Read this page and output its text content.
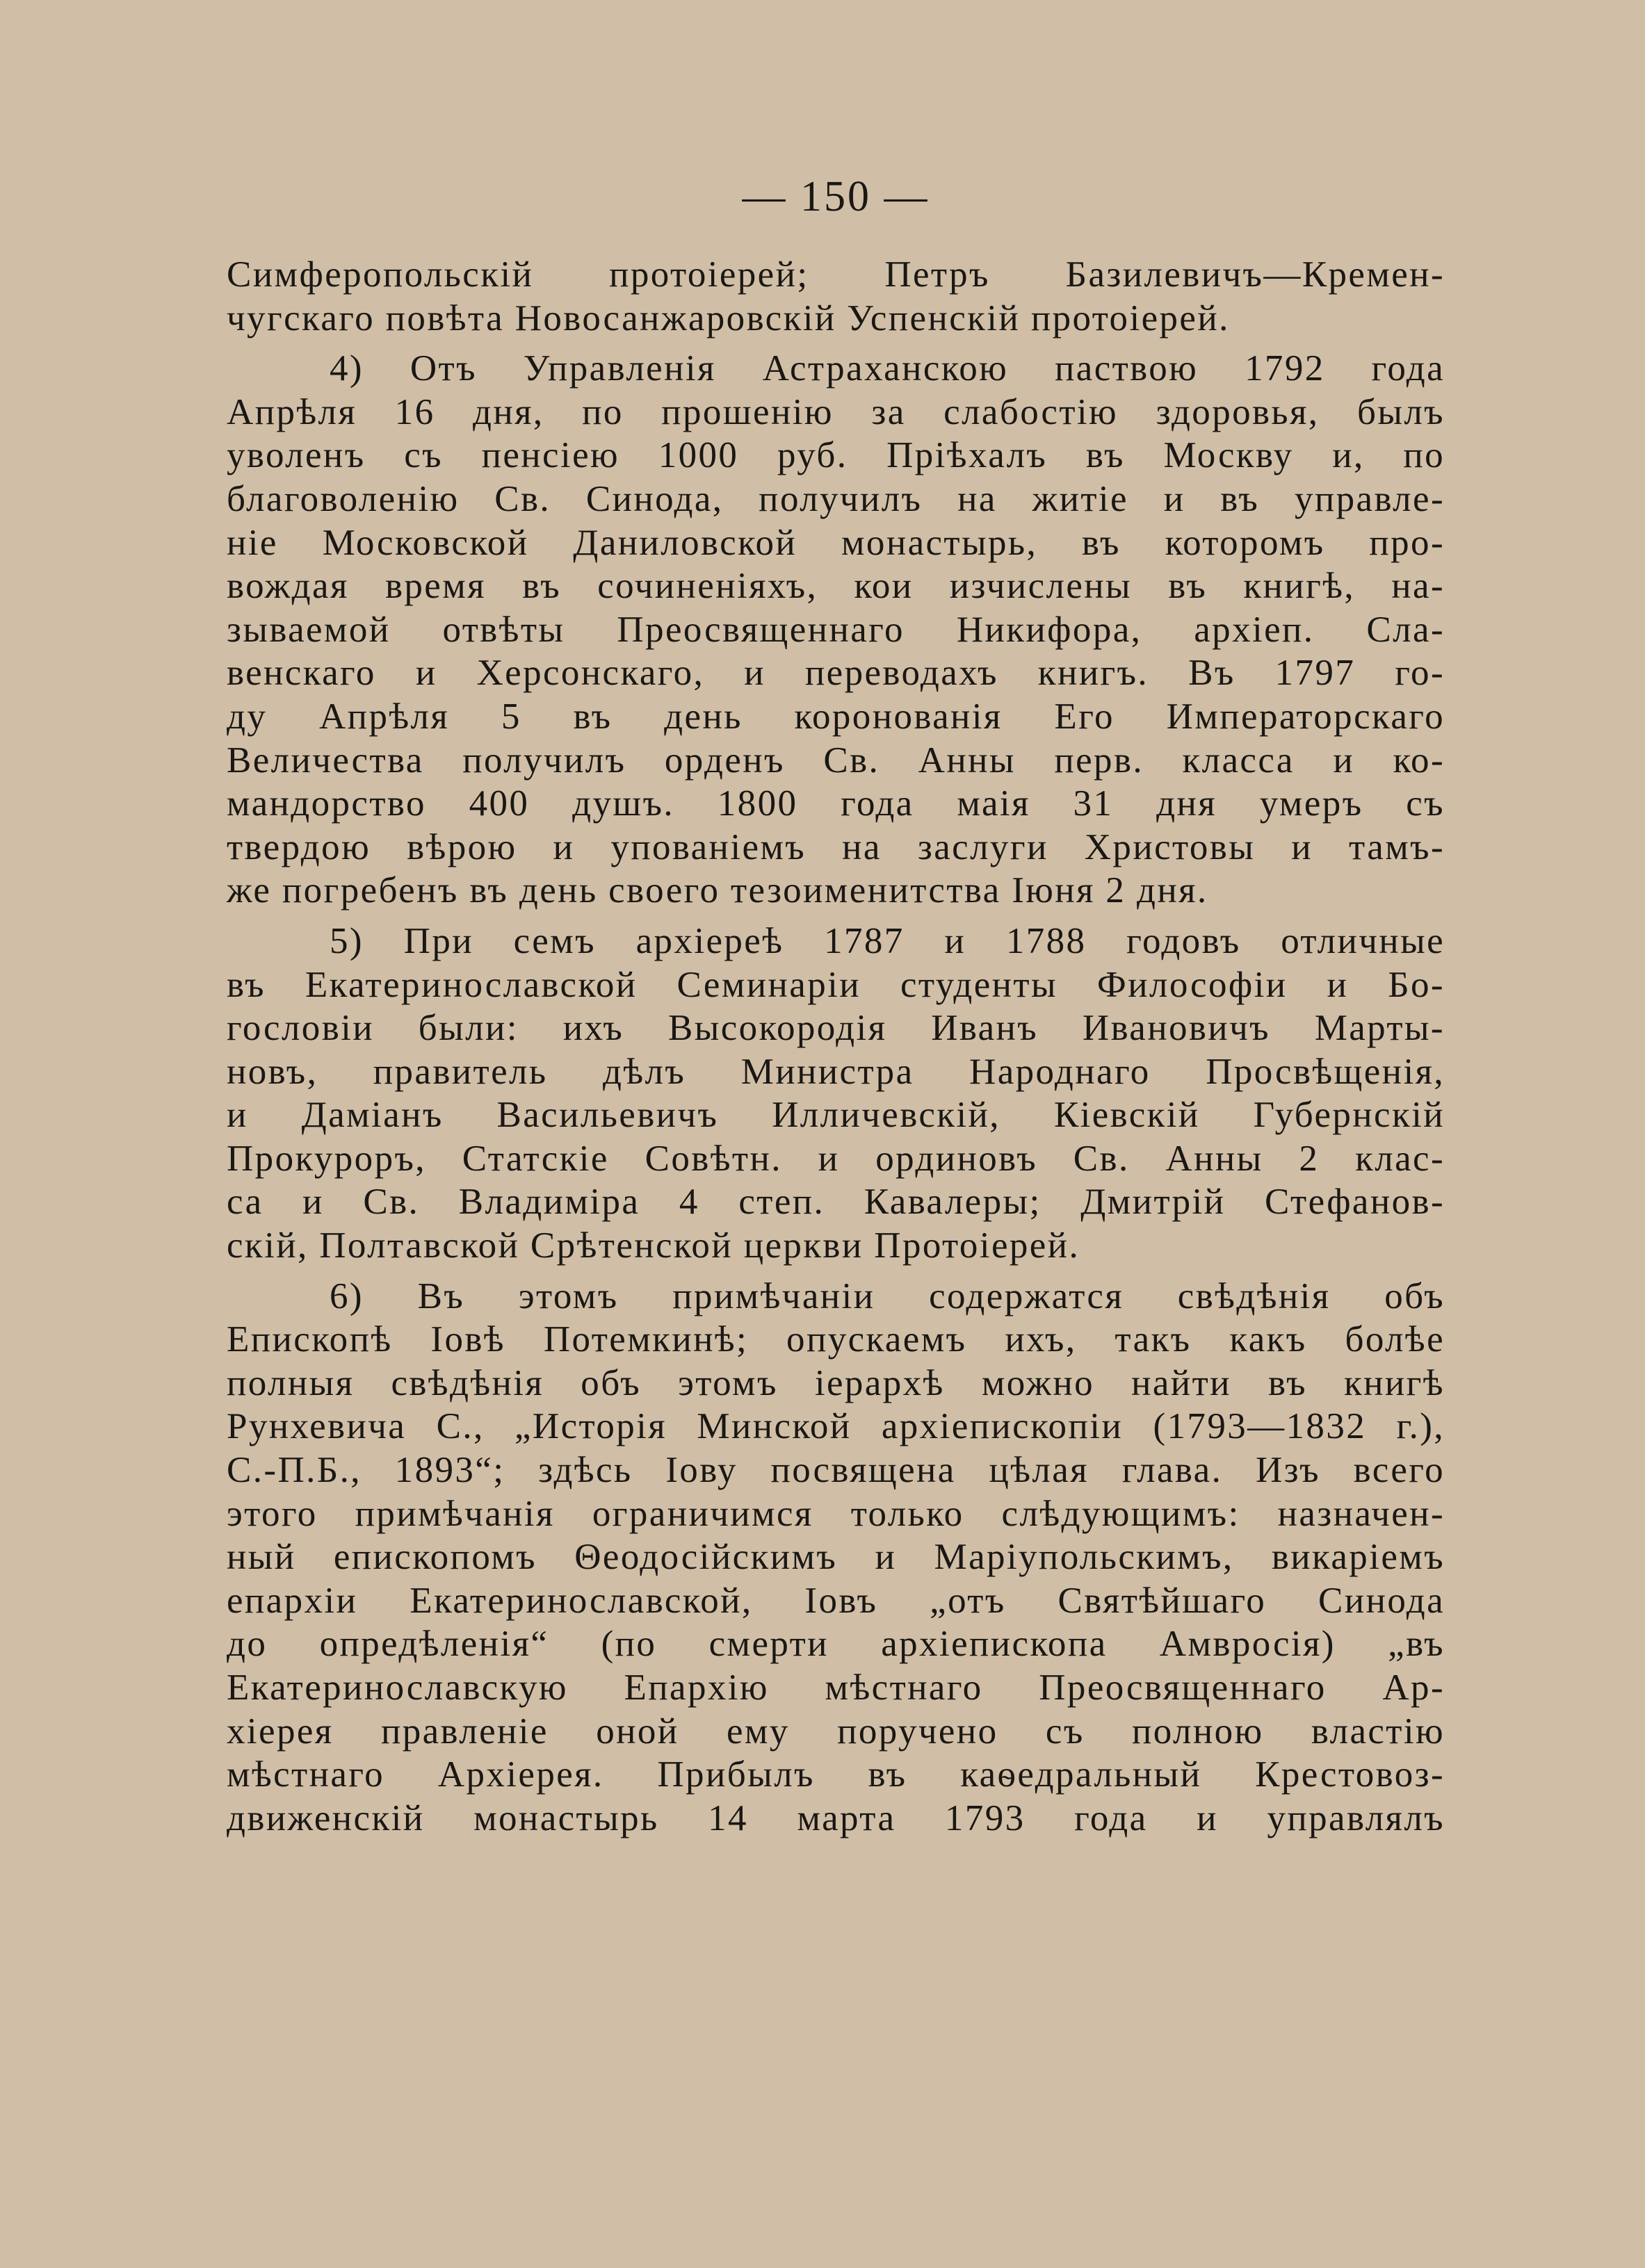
— 150 —
Симферопольскій протоіерей; Петръ Базилевичъ—Кремен-
чугскаго повѣта Новосанжаровскій Успенскій протоіерей.
4) Отъ Управленія Астраханскою паствою 1792 года
Апрѣля 16 дня, по прошенію за слабостію здоровья, былъ
уволенъ съ пенсіею 1000 руб. Пріѣхалъ въ Москву и, по
благоволенію Св. Синода, получилъ на житіе и въ управле-
ніе Московской Даниловской монастырь, въ которомъ про-
вождая время въ сочиненіяхъ, кои изчислены въ книгѣ, на-
зываемой отвѣты Преосвященнаго Никифора, архіеп. Сла-
венскаго и Херсонскаго, и переводахъ книгъ. Въ 1797 го-
ду Апрѣля 5 въ день коронованія Его Императорскаго
Величества получилъ орденъ Св. Анны перв. класса и ко-
мандорство 400 душъ. 1800 года маія 31 дня умеръ съ
твердою вѣрою и упованіемъ на заслуги Христовы и тамъ-
же погребенъ въ день своего тезоименитства Іюня 2 дня.
5) При семъ архіереѣ 1787 и 1788 годовъ отличные
въ Екатеринославской Семинаріи студенты Философіи и Бо-
гословіи были: ихъ Высокородія Иванъ Ивановичъ Марты-
новъ, правитель дѣлъ Министра Народнаго Просвѣщенія,
и Даміанъ Васильевичъ Илличевскій, Кіевскій Губернскій
Прокуроръ, Статскіе Совѣтн. и ординовъ Св. Анны 2 клас-
са и Св. Владиміра 4 степ. Кавалеры; Дмитрій Стефанов-
скій, Полтавской Срѣтенской церкви Протоіерей.
6) Въ этомъ примѣчаніи содержатся свѣдѣнія объ
Епископѣ Іовѣ Потемкинѣ; опускаемъ ихъ, такъ какъ болѣе
полныя свѣдѣнія объ этомъ іерархѣ можно найти въ книгѣ
Рунхевича С., „Исторія Минской архіепископіи (1793—1832 г.),
С.-П.Б., 1893“; здѣсь Іову посвящена цѣлая глава. Изъ всего
этого примѣчанія ограничимся только слѣдующимъ: назначен-
ный епископомъ Θеодосійскимъ и Маріупольскимъ, викаріемъ
епархіи Екатеринославской, Іовъ „отъ Святѣйшаго Синода
до опредѣленія“ (по смерти архіепископа Амвросія) „въ
Екатеринославскую Епархію мѣстнаго Преосвященнаго Ар-
хіерея правленіе оной ему поручено съ полною властію
мѣстнаго Архіерея. Прибылъ въ каѳедральный Крестовоз-
движенскій монастырь 14 марта 1793 года и управлялъ
